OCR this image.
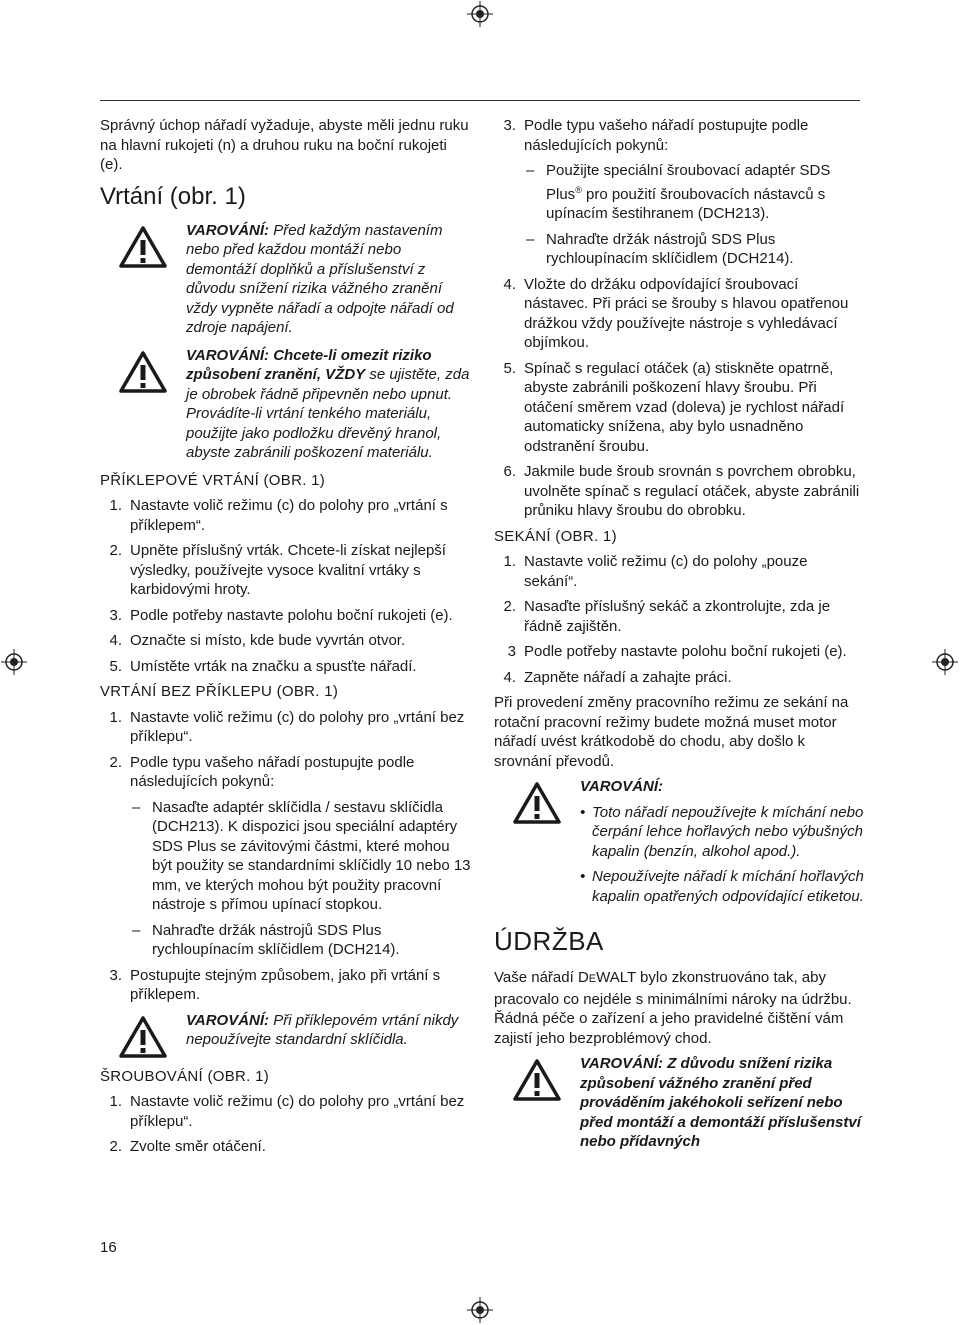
Správný úchop nářadí vyžaduje, abyste měli jednu ruku na hlavní rukojeti (n) a druhou ruku na boční rukojeti (e).

Vrtání (obr. 1)
VAROVÁNÍ: Před každým nastavením nebo před každou montáží nebo demontáží doplňků a příslušenství z důvodu snížení rizika vážného zranění vždy vypněte nářadí a odpojte nářadí od zdroje napájení.
VAROVÁNÍ: Chcete-li omezit riziko způsobení zranění, VŽDY se ujistěte, zda je obrobek řádně připevněn nebo upnut. Provádíte-li vrtání tenkého materiálu, použijte jako podložku dřevěný hranol, abyste zabránili poškození materiálu.
PŘÍKLEPOVÉ VRTÁNÍ (OBR. 1)
1. Nastavte volič režimu (c) do polohy pro „vrtání s příklepem“.
2. Upněte příslušný vrták. Chcete-li získat nejlepší výsledky, používejte vysoce kvalitní vrtáky s karbidovými hroty.
3. Podle potřeby nastavte polohu boční rukojeti (e).
4. Označte si místo, kde bude vyvrtán otvor.
5. Umístěte vrták na značku a spusťte nářadí.
VRTÁNÍ BEZ PŘÍKLEPU (OBR. 1)
1. Nastavte volič režimu (c) do polohy pro „vrtání bez příklepu“.
2. Podle typu vašeho nářadí postupujte podle následujících pokynů:
– Nasaďte adaptér sklíčidla / sestavu sklíčidla (DCH213). K dispozici jsou speciální adaptéry SDS Plus se závitovými částmi, které mohou být použity se standardními sklíčidly 10 nebo 13 mm, ve kterých mohou být použity pracovní nástroje s přímou upínací stopkou.
– Nahraďte držák nástrojů SDS Plus rychloupínacím sklíčidlem (DCH214).
3. Postupujte stejným způsobem, jako při vrtání s příklepem.
VAROVÁNÍ: Při příklepovém vrtání nikdy nepoužívejte standardní sklíčidla.
ŠROUBOVÁNÍ (OBR. 1)
1. Nastavte volič režimu (c) do polohy pro „vrtání bez příklepu“.
2. Zvolte směr otáčení.
3. Podle typu vašeho nářadí postupujte podle následujících pokynů:
– Použijte speciální šroubovací adaptér SDS Plus® pro použití šroubovacích nástavců s upínacím šestihranem (DCH213).
– Nahraďte držák nástrojů SDS Plus rychloupínacím sklíčidlem (DCH214).
4. Vložte do držáku odpovídající šroubovací nástavec. Při práci se šrouby s hlavou opatřenou drážkou vždy používejte nástroje s vyhledávací objímkou.
5. Spínač s regulací otáček (a) stiskněte opatrně, abyste zabránili poškození hlavy šroubu. Při otáčení směrem vzad (doleva) je rychlost nářadí automaticky snížena, aby bylo usnadněno odstranění šroubu.
6. Jakmile bude šroub srovnán s povrchem obrobku, uvolněte spínač s regulací otáček, abyste zabránili průniku hlavy šroubu do obrobku.
SEKÁNÍ (OBR. 1)
1. Nastavte volič režimu (c) do polohy „pouze sekání“.
2. Nasaďte příslušný sekáč a zkontrolujte, zda je řádně zajištěn.
3 Podle potřeby nastavte polohu boční rukojeti (e).
4. Zapněte nářadí a zahajte práci.

Při provedení změny pracovního režimu ze sekání na rotační pracovní režimy budete možná muset motor nářadí uvést krátkodobě do chodu, aby došlo k srovnání převodů.

VAROVÁNÍ:
• Toto nářadí nepoužívejte k míchání nebo čerpání lehce hořlavých nebo výbušných kapalin (benzín, alkohol apod.).
• Nepoužívejte nářadí k míchání hořlavých kapalin opatřených odpovídající etiketou.
ÚDRŽBA

Vaše nářadí DEWALT bylo zkonstruováno tak, aby pracovalo co nejdéle s minimálními nároky na údržbu. Řádná péče o zařízení a jeho pravidelné čištění vám zajistí jeho bezproblémový chod.

VAROVÁNÍ: Z důvodu snížení rizika způsobení vážného zranění před prováděním jakéhokoli seřízení nebo před montáží a demontáží příslušenství nebo přídavných
16
